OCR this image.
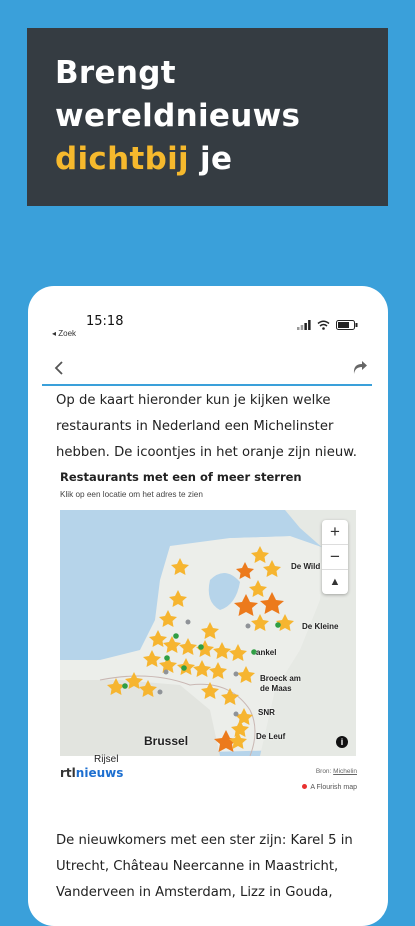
Brengt
wereldnieuws
dichtbij je
15:18
◂ Zoek
Op de kaart hieronder kun je kijken welke restaurants in Nederland een Michelinster hebben. De icoontjes in het oranje zijn nieuw.
Restaurants met een of meer sterren
Klik op een locatie om het adres te zien
+
−
▲
De Wild
De Kleine
ankel
Broeck am
de Maas
SNR
De Leuf
Brussel
Rijsel
i
rtlnieuws	Bron: Michelin
A Flourish map
De nieuwkomers met een ster zijn: Karel 5 in Utrecht, Château Neercanne in Maastricht, Vanderveen in Amsterdam, Lizz in Gouda,
